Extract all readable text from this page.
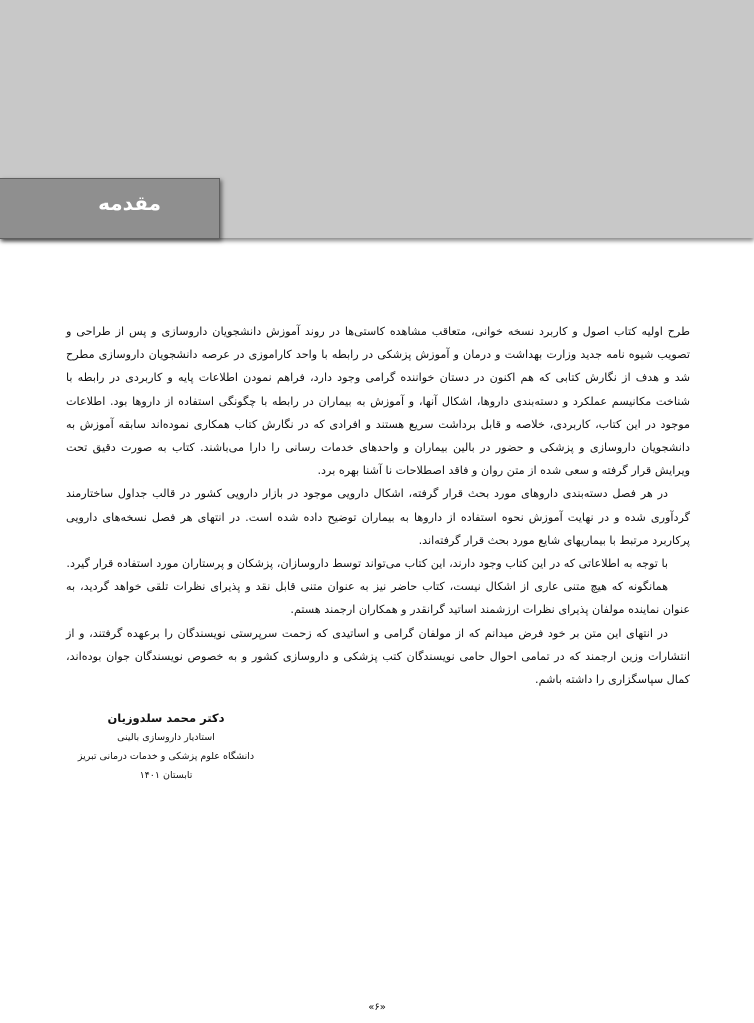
مقدمه

طرح اولیه کتاب اصول و کاربرد نسخه خوانی، متعاقب مشاهده کاستی‌ها در روند آموزش دانشجویان داروسازی و پس از طراحی و تصویب شیوه نامه جدید وزارت بهداشت و درمان و آموزش پزشکی در رابطه با واحد کاراموزی در عرصه دانشجویان داروسازی مطرح شد و هدف از نگارش کتابی که هم اکنون در دستان خواننده گرامی وجود دارد، فراهم نمودن اطلاعات پایه و کاربردی در رابطه با شناخت مکانیسم عملکرد و دسته‌بندی داروها، اشکال آنها، و آموزش به بیماران در رابطه با چگونگی استفاده از داروها بود. اطلاعات موجود در این کتاب، کاربردی، خلاصه و قابل برداشت سریع هستند و افرادی که در نگارش کتاب همکاری نموده‌اند سابقه آموزش به دانشجویان داروسازی و پزشکی و حضور در بالین بیماران و واحدهای خدمات رسانی را دارا می‌باشند. کتاب به صورت دقیق تحت ویرایش قرار گرفته و سعی شده از متن روان و فاقد اصطلاحات نا آشنا بهره برد.

در هر فصل دسته‌بندی داروهای مورد بحث قرار گرفته، اشکال دارویی موجود در بازار دارویی کشور در قالب جداول ساختارمند گردآوری شده و در نهایت آموزش نحوه استفاده از داروها به بیماران توضیح داده شده است. در انتهای هر فصل نسخه‌های دارویی پرکاربرد مرتبط با بیماریهای شایع مورد بحث قرار گرفته‌اند.

با توجه به اطلاعاتی که در این کتاب وجود دارند، این کتاب می‌تواند توسط داروسازان، پزشکان و پرستاران مورد استفاده قرار گیرد.

همانگونه که هیچ متنی عاری از اشکال نیست، کتاب حاضر نیز به عنوان متنی قابل نقد و پذیرای نظرات تلقی خواهد گردید، به عنوان نماینده مولفان پذیرای نظرات ارزشمند اساتید گرانقدر و همکاران ارجمند هستم.

در انتهای این متن بر خود فرض میدانم که از مولفان گرامی و اساتیدی که زحمت سرپرستی نویسندگان را برعهده گرفتند، و از انتشارات وزین ارجمند که در تمامی احوال حامی نویسندگان کتب پزشکی و داروسازی کشور و به خصوص نویسندگان جوان بوده‌اند، کمال سپاسگزاری را داشته باشم.

دکتر محمد سلدوزیان
استادیار داروسازی بالینی
دانشگاه علوم پزشکی و خدمات درمانی تبریز
تابستان ۱۴۰۱
«۶»
